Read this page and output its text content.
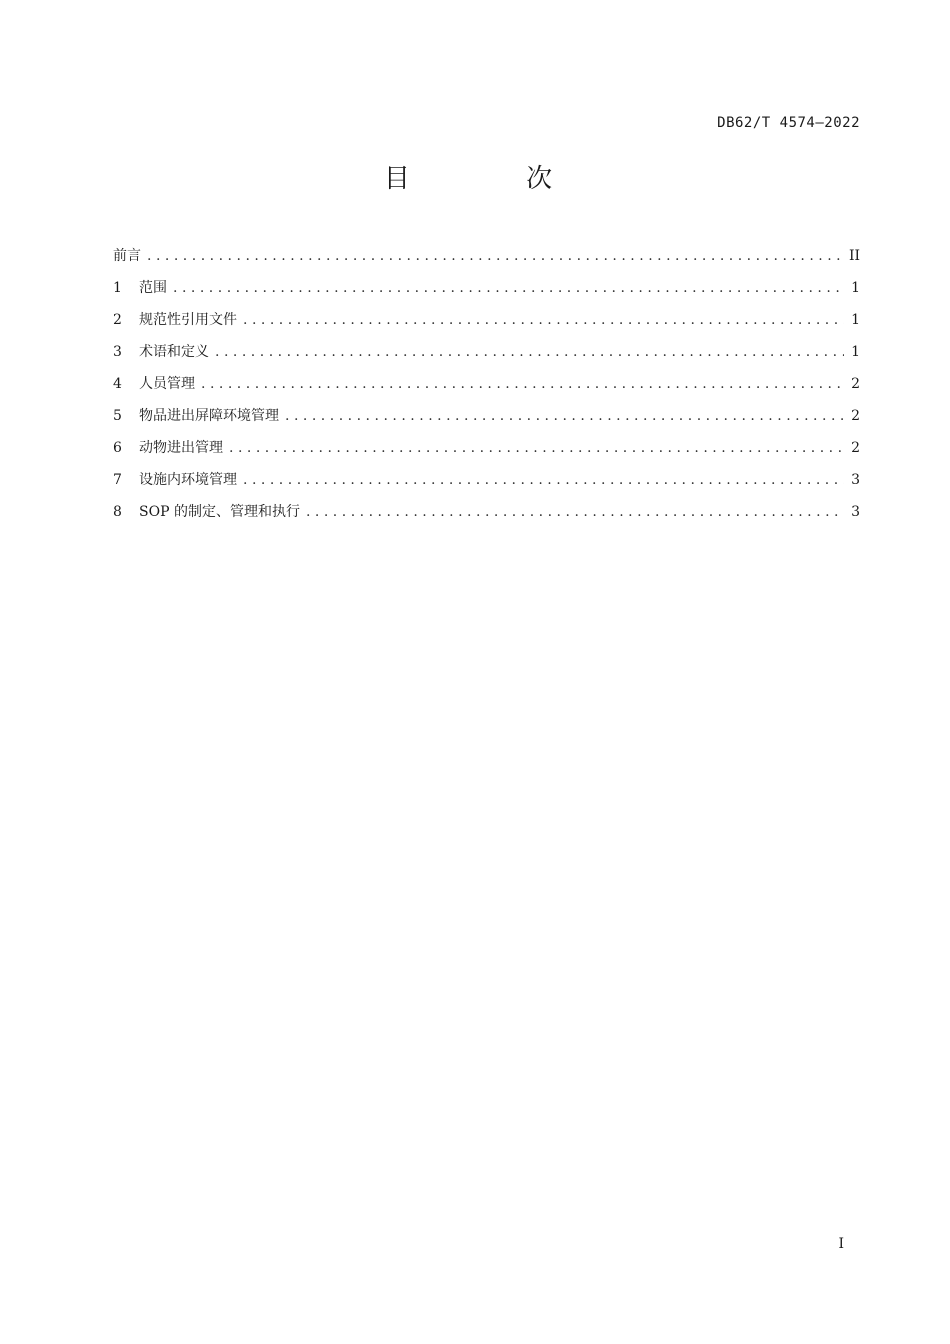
DB62/T 4574—2022
目 次
前言 .....	II
1	范围 .....	1
2	规范性引用文件 .....	1
3	术语和定义 .....	1
4	人员管理 .....	2
5	物品进出屏障环境管理 .....	2
6	动物进出管理 .....	2
7	设施内环境管理 .....	3
8	SOP 的制定、管理和执行 .....	3
I
